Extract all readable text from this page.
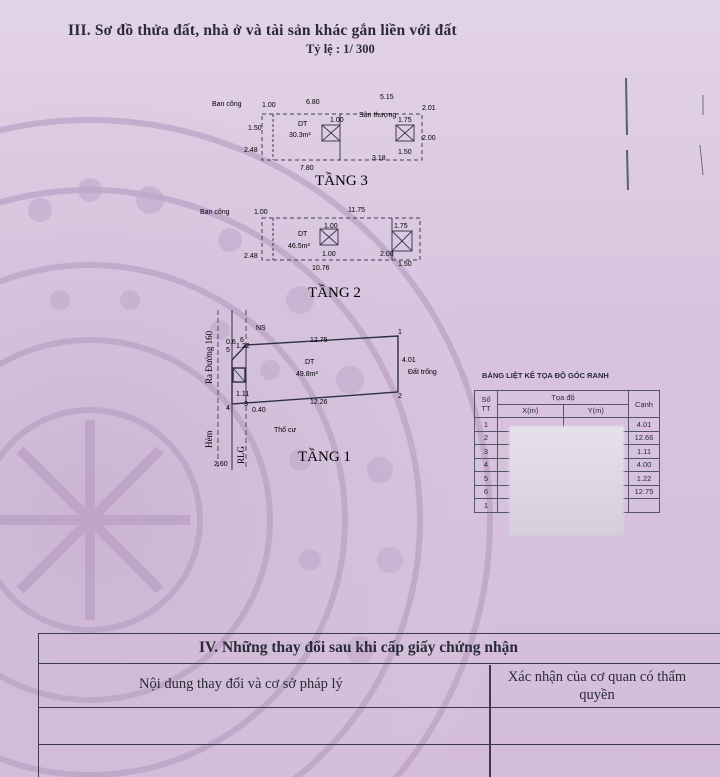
III. Sơ đồ thửa đất, nhà ở và tài sản khác gắn liền với đất
Tỷ lệ : 1/ 300
Ban công
Sân thượng
DT
30.3m²
1.00	6.80
5.15
7.80
3.18
1.00	1.75
1.50
1.50
2.48
2.01
2.00
TẦNG 3
Ban công
DT
46.5m²
1.00	11.75
10.76
1.00	1.75
1.50
1.00
2.48	2.00
TẦNG 2
NS
12.75
12.26
4.01
1.22
1.11
0.40
2.60
0.6
DT
49.8m²	Đất trống
Thổ cư
1
2
3
4
5
6
Ra Đường 160
Hẻm
RLG	TẦNG 1
BẢNG LIỆT KÊ TỌA ĐỘ GÓC RANH
Số TT	Tọa độ		Cạnh
	X(m)	Y(m)	
1			4.01
2			12.66
3			1.11
4			4.00
5			1.22
6			12.75
1			
IV. Những thay đổi sau khi cấp giấy chứng nhận
Nội dung thay đổi và cơ sở pháp lý	Xác nhận của cơ quan có thẩm quyền
